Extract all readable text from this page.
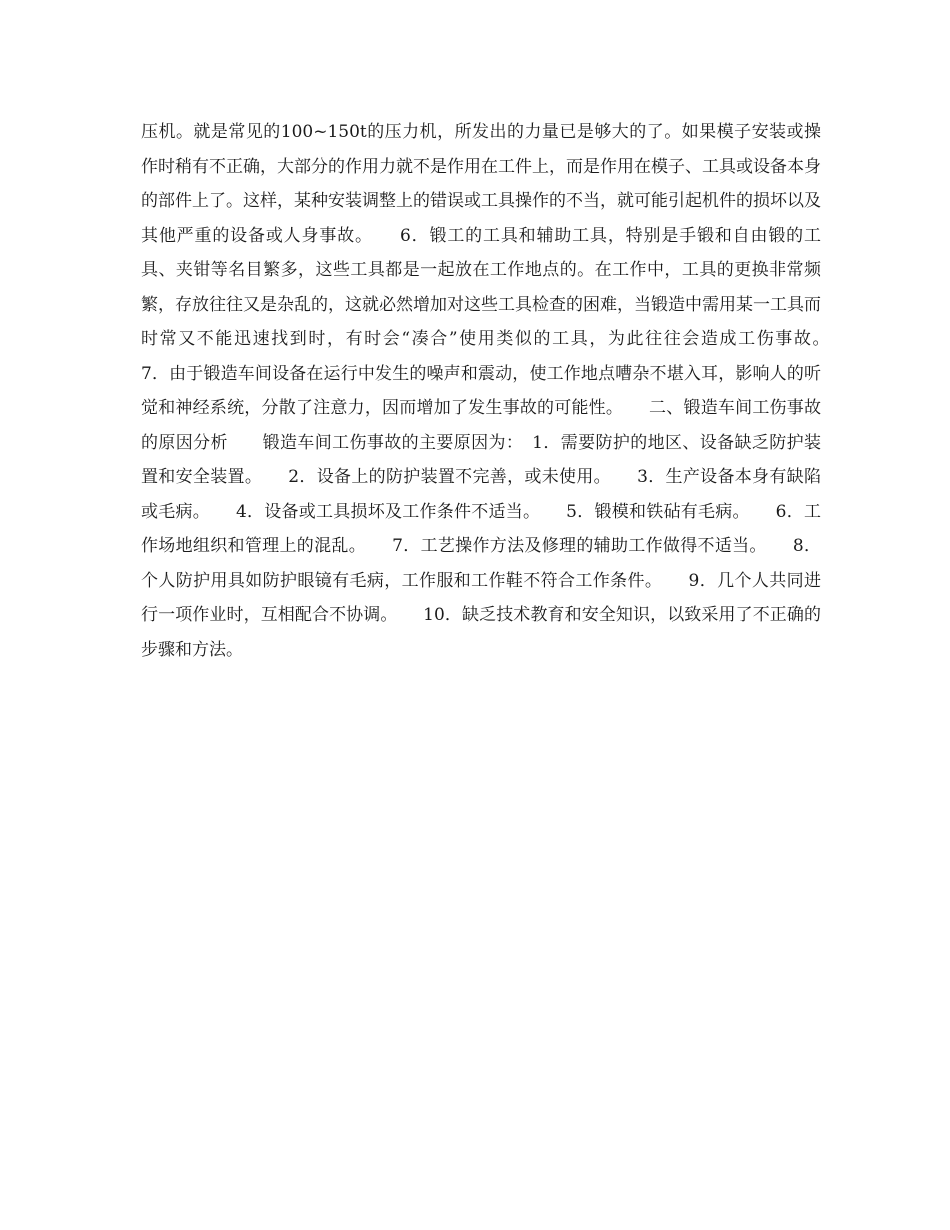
压机。就是常见的100~150t的压力机，所发出的力量已是够大的了。如果模子安装或操作时稍有不正确，大部分的作用力就不是作用在工件上，而是作用在模子、工具或设备本身的部件上了。这样，某种安装调整上的错误或工具操作的不当，就可能引起机件的损坏以及其他严重的设备或人身事故。　　6．锻工的工具和辅助工具，特别是手锻和自由锻的工具、夹钳等名目繁多，这些工具都是一起放在工作地点的。在工作中，工具的更换非常频繁，存放往往又是杂乱的，这就必然增加对这些工具检查的困难，当锻造中需用某一工具而时常又不能迅速找到时，有时会“凑合”使用类似的工具，为此往往会造成工伤事故。　　7．由于锻造车间设备在运行中发生的噪声和震动，使工作地点嘈杂不堪入耳，影响人的听觉和神经系统，分散了注意力，因而增加了发生事故的可能性。　　二、锻造车间工伤事故的原因分析　　锻造车间工伤事故的主要原因为：　1．需要防护的地区、设备缺乏防护装置和安全装置。　　2．设备上的防护装置不完善，或未使用。　　3．生产设备本身有缺陷或毛病。　　4．设备或工具损坏及工作条件不适当。　　5．锻模和铁砧有毛病。　　6．工作场地组织和管理上的混乱。　　7．工艺操作方法及修理的辅助工作做得不适当。　　8．个人防护用具如防护眼镜有毛病，工作服和工作鞋不符合工作条件。　　9．几个人共同进行一项作业时，互相配合不协调。　　10．缺乏技术教育和安全知识，以致采用了不正确的步骤和方法。
